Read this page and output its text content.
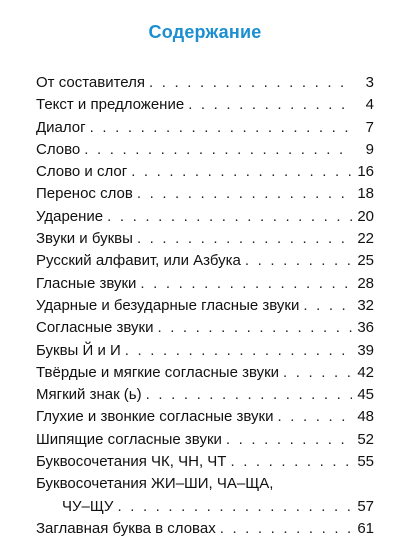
Содержание
От составителя . . .	3
Текст и предложение . . .	4
Диалог . . .	7
Слово . . .	9
Слово и слог . . .	16
Перенос слов . . .	18
Ударение . . .	20
Звуки и буквы . . .	22
Русский алфавит, или Азбука . . .	25
Гласные звуки . . .	28
Ударные и безударные гласные звуки . . .	32
Согласные звуки . . .	36
Буквы Й и И . . .	39
Твёрдые и мягкие согласные звуки . . .	42
Мягкий знак (ь) . . .	45
Глухие и звонкие согласные звуки . . .	48
Шипящие согласные звуки . . .	52
Буквосочетания ЧК, ЧН, ЧТ . . .	55
Буквосочетания ЖИ–ШИ, ЧА–ЩА,
ЧУ–ЩУ . . .	57
Заглавная буква в словах . . .	61
